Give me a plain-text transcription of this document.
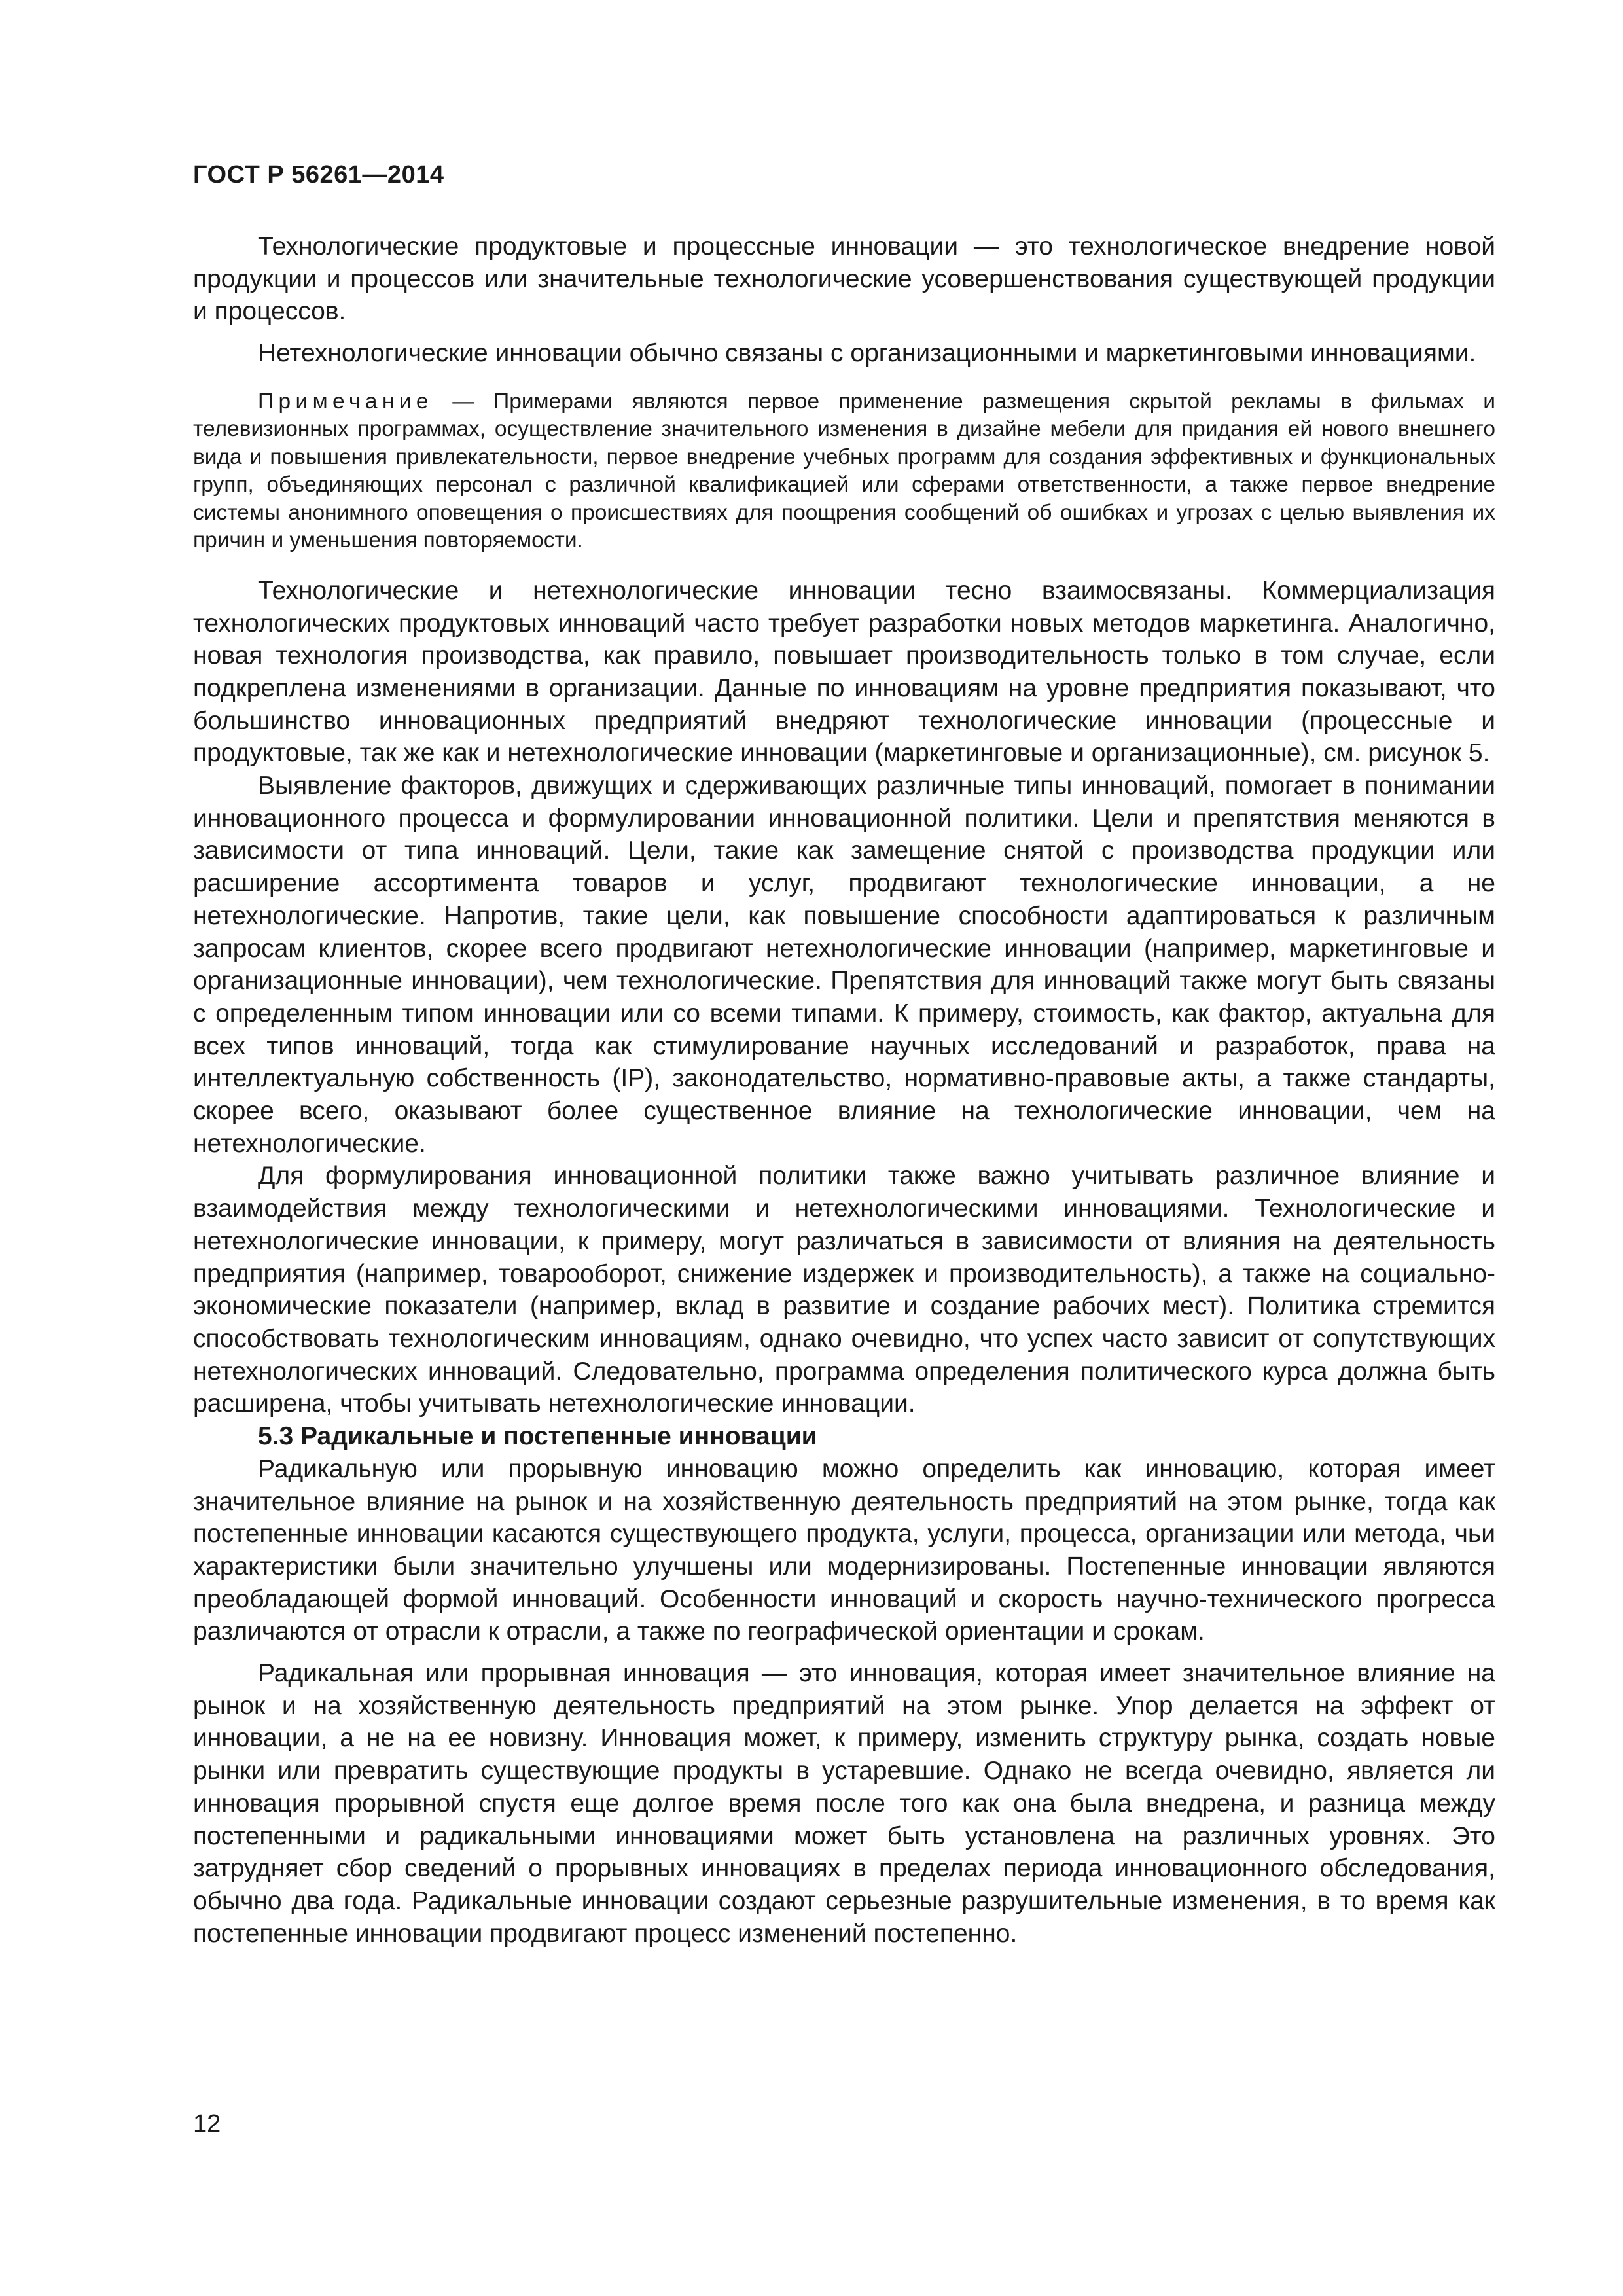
ГОСТ Р 56261—2014

Технологические продуктовые и процессные инновации — это технологическое внедрение новой продукции и процессов или значительные технологические усовершенствования существующей продукции и процессов.

Нетехнологические инновации обычно связаны с организационными и маркетинговыми инновациями.

Примечание — Примерами являются первое применение размещения скрытой рекламы в фильмах и телевизионных программах, осуществление значительного изменения в дизайне мебели для придания ей нового внешнего вида и повышения привлекательности, первое внедрение учебных программ для создания эффективных и функциональных групп, объединяющих персонал с различной квалификацией или сферами ответственности, а также первое внедрение системы анонимного оповещения о происшествиях для поощрения сообщений об ошибках и угрозах с целью выявления их причин и уменьшения повторяемости.

Технологические и нетехнологические инновации тесно взаимосвязаны. Коммерциализация технологических продуктовых инноваций часто требует разработки новых методов маркетинга. Аналогично, новая технология производства, как правило, повышает производительность только в том случае, если подкреплена изменениями в организации. Данные по инновациям на уровне предприятия показывают, что большинство инновационных предприятий внедряют технологические инновации (процессные и продуктовые, так же как и нетехнологические инновации (маркетинговые и организационные), см. рисунок 5.

Выявление факторов, движущих и сдерживающих различные типы инноваций, помогает в понимании инновационного процесса и формулировании инновационной политики. Цели и препятствия меняются в зависимости от типа инноваций. Цели, такие как замещение снятой с производства продукции или расширение ассортимента товаров и услуг, продвигают технологические инновации, а не нетехнологические. Напротив, такие цели, как повышение способности адаптироваться к различным запросам клиентов, скорее всего продвигают нетехнологические инновации (например, маркетинговые и организационные инновации), чем технологические. Препятствия для инноваций также могут быть связаны с определенным типом инновации или со всеми типами. К примеру, стоимость, как фактор, актуальна для всех типов инноваций, тогда как стимулирование научных исследований и разработок, права на интеллектуальную собственность (IP), законодательство, нормативно-правовые акты, а также стандарты, скорее всего, оказывают более существенное влияние на технологические инновации, чем на нетехнологические.

Для формулирования инновационной политики также важно учитывать различное влияние и взаимодействия между технологическими и нетехнологическими инновациями. Технологические и нетехнологические инновации, к примеру, могут различаться в зависимости от влияния на деятельность предприятия (например, товарооборот, снижение издержек и производительность), а также на социально-экономические показатели (например, вклад в развитие и создание рабочих мест). Политика стремится способствовать технологическим инновациям, однако очевидно, что успех часто зависит от сопутствующих нетехнологических инноваций. Следовательно, программа определения политического курса должна быть расширена, чтобы учитывать нетехнологические инновации.

5.3 Радикальные и постепенные инновации

Радикальную или прорывную инновацию можно определить как инновацию, которая имеет значительное влияние на рынок и на хозяйственную деятельность предприятий на этом рынке, тогда как постепенные инновации касаются существующего продукта, услуги, процесса, организации или метода, чьи характеристики были значительно улучшены или модернизированы. Постепенные инновации являются преобладающей формой инноваций. Особенности инноваций и скорость научно-технического прогресса различаются от отрасли к отрасли, а также по географической ориентации и срокам.

Радикальная или прорывная инновация — это инновация, которая имеет значительное влияние на рынок и на хозяйственную деятельность предприятий на этом рынке. Упор делается на эффект от инновации, а не на ее новизну. Инновация может, к примеру, изменить структуру рынка, создать новые рынки или превратить существующие продукты в устаревшие. Однако не всегда очевидно, является ли инновация прорывной спустя еще долгое время после того как она была внедрена, и разница между постепенными и радикальными инновациями может быть установлена на различных уровнях. Это затрудняет сбор сведений о прорывных инновациях в пределах периода инновационного обследования, обычно два года. Радикальные инновации создают серьезные разрушительные изменения, в то время как постепенные инновации продвигают процесс изменений постепенно.

12
